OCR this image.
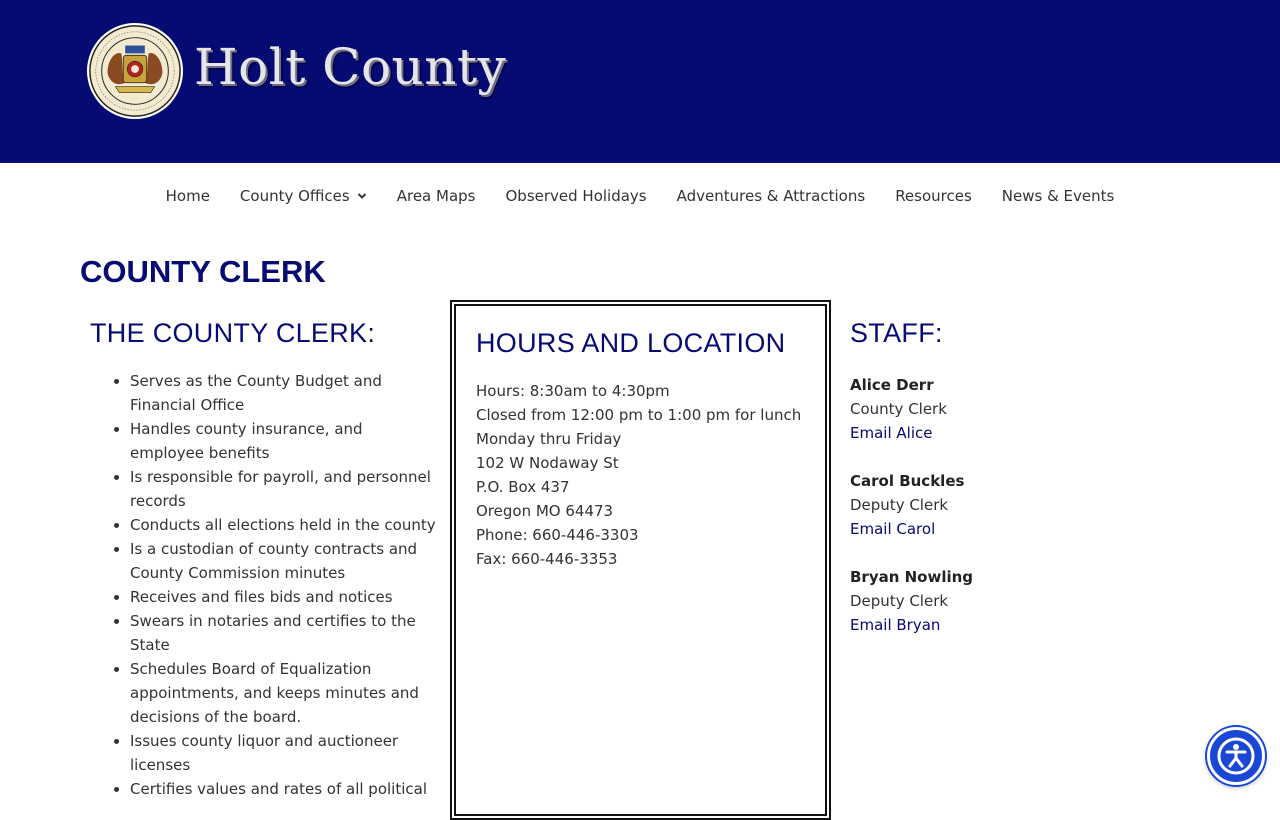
Holt County
Home	County Offices	Area Maps	Observed Holidays	Adventures & Attractions	Resources	News & Events
COUNTY CLERK
THE COUNTY CLERK:
• Serves as the County Budget and Financial Office
• Handles county insurance, and employee benefits
• Is responsible for payroll, and personnel records
• Conducts all elections held in the county
• Is a custodian of county contracts and County Commission minutes
• Receives and files bids and notices
• Swears in notaries and certifies to the State
• Schedules Board of Equalization appointments, and keeps minutes and decisions of the board.
• Issues county liquor and auctioneer licenses
• Certifies values and rates of all political
HOURS AND LOCATION
Hours: 8:30am to 4:30pm
Closed from 12:00 pm to 1:00 pm for lunch
Monday thru Friday
102 W Nodaway St
P.O. Box 437
Oregon MO 64473
Phone: 660-446-3303
Fax: 660-446-3353
STAFF:
Alice Derr
County Clerk
Email Alice
Carol Buckles
Deputy Clerk
Email Carol
Bryan Nowling
Deputy Clerk
Email Bryan
